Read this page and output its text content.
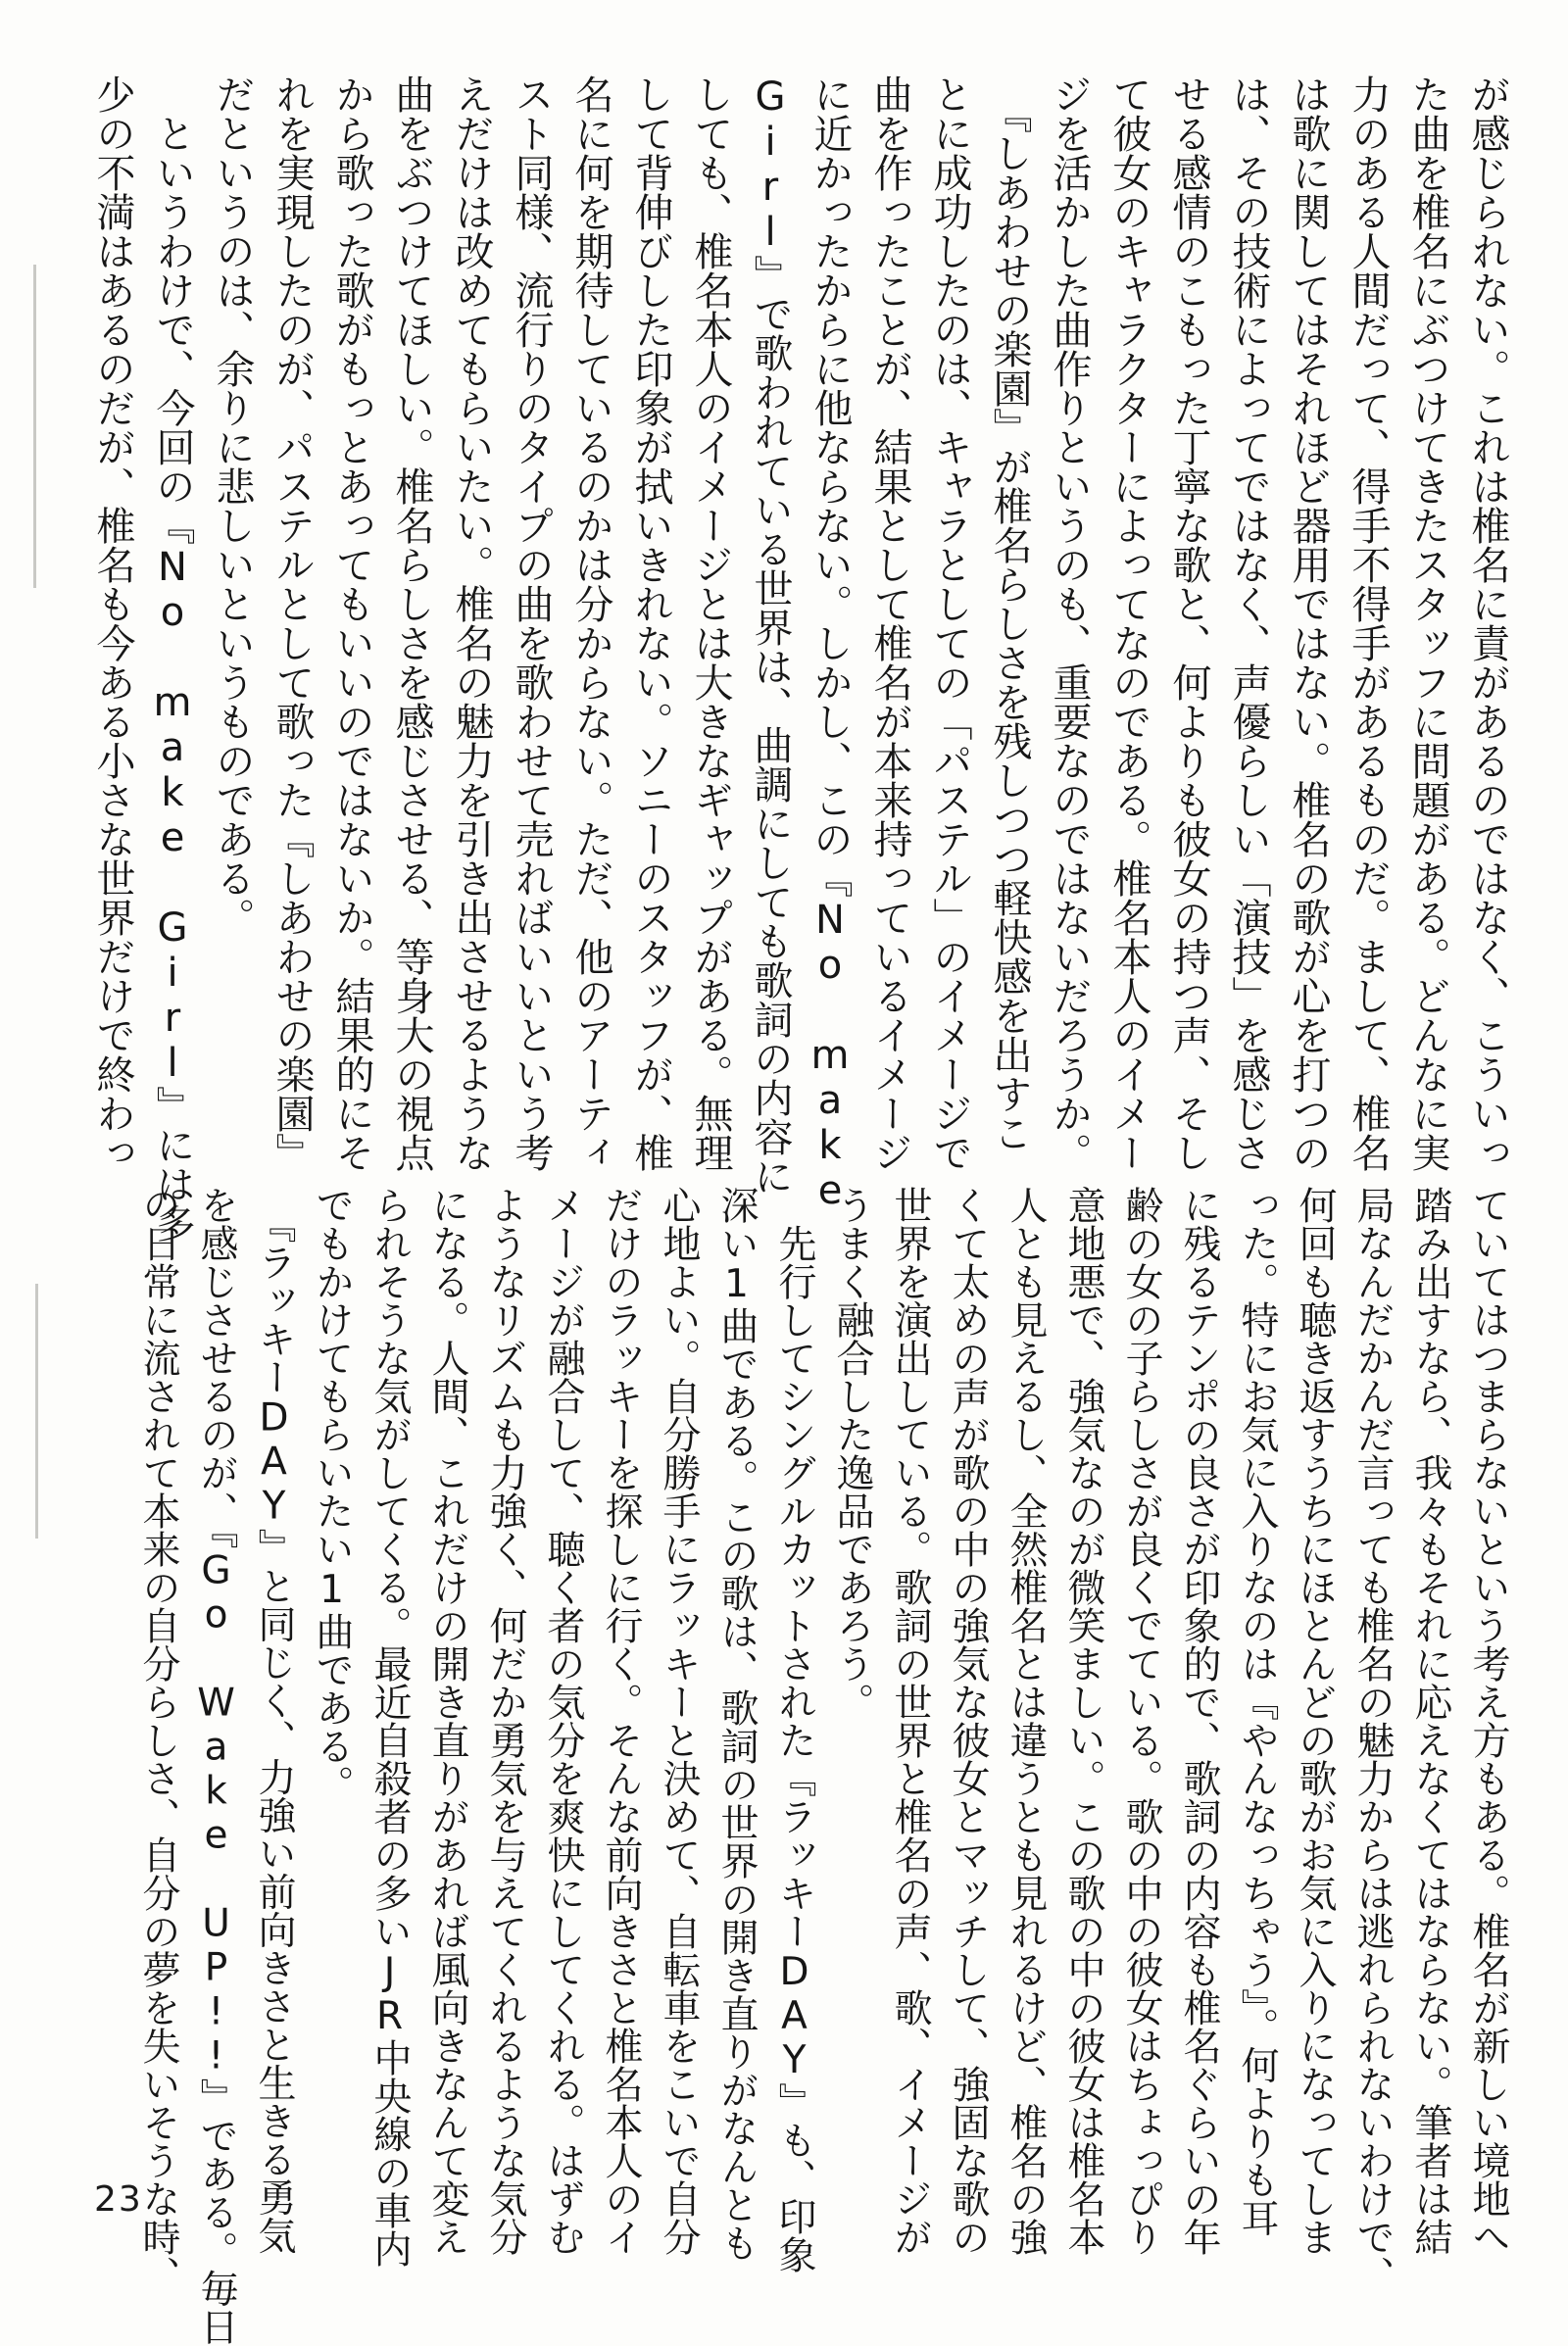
が感じられない。これは椎名に責があるのではなく、こういっ
た曲を椎名にぶつけてきたスタッフに問題がある。どんなに実
力のある人間だって、得手不得手があるものだ。まして、椎名
は歌に関してはそれほど器用ではない。椎名の歌が心を打つの
は、その技術によってではなく、声優らしい「演技」を感じさ
せる感情のこもった丁寧な歌と、何よりも彼女の持つ声、そし
て彼女のキャラクターによってなのである。椎名本人のイメー
ジを活かした曲作りというのも、重要なのではないだろうか。
　『しあわせの楽園』が椎名らしさを残しつつ軽快感を出すこ
とに成功したのは、キャラとしての「パステル」のイメージで
曲を作ったことが、結果として椎名が本来持っているイメージ
に近かったからに他ならない。しかし、この『No make
Girl』で歌われている世界は、曲調にしても歌詞の内容に
しても、椎名本人のイメージとは大きなギャップがある。無理
して背伸びした印象が拭いきれない。ソニーのスタッフが、椎
名に何を期待しているのかは分からない。ただ、他のアーティ
スト同様、流行りのタイプの曲を歌わせて売ればいいという考
えだけは改めてもらいたい。椎名の魅力を引き出させるような
曲をぶつけてほしい。椎名らしさを感じさせる、等身大の視点
から歌った歌がもっとあってもいいのではないか。結果的にそ
れを実現したのが、パステルとして歌った『しあわせの楽園』
だというのは、余りに悲しいというものである。
　というわけで、今回の『No make Girl』には多
少の不満はあるのだが、椎名も今ある小さな世界だけで終わっ
ていてはつまらないという考え方もある。椎名が新しい境地へ
踏み出すなら、我々もそれに応えなくてはならない。筆者は結
局なんだかんだ言っても椎名の魅力からは逃れられないわけで、
何回も聴き返すうちにほとんどの歌がお気に入りになってしま
った。特にお気に入りなのは『やんなっちゃう』。何よりも耳
に残るテンポの良さが印象的で、歌詞の内容も椎名ぐらいの年
齢の女の子らしさが良くでている。歌の中の彼女はちょっぴり
意地悪で、強気なのが微笑ましい。この歌の中の彼女は椎名本
人とも見えるし、全然椎名とは違うとも見れるけど、椎名の強
くて太めの声が歌の中の強気な彼女とマッチして、強固な歌の
世界を演出している。歌詞の世界と椎名の声、歌、イメージが
うまく融合した逸品であろう。
　先行してシングルカットされた『ラッキーDAY』も、印象
深い1曲である。この歌は、歌詞の世界の開き直りがなんとも
心地よい。自分勝手にラッキーと決めて、自転車をこいで自分
だけのラッキーを探しに行く。そんな前向きさと椎名本人のイ
メージが融合して、聴く者の気分を爽快にしてくれる。はずむ
ようなリズムも力強く、何だか勇気を与えてくれるような気分
になる。人間、これだけの開き直りがあれば風向きなんて変え
られそうな気がしてくる。最近自殺者の多いJR中央線の車内
でもかけてもらいたい1曲である。
　『ラッキーDAY』と同じく、力強い前向きさと生きる勇気
を感じさせるのが、『Go Wake UP!!』である。毎日
の日常に流されて本来の自分らしさ、自分の夢を失いそうな時、
23
